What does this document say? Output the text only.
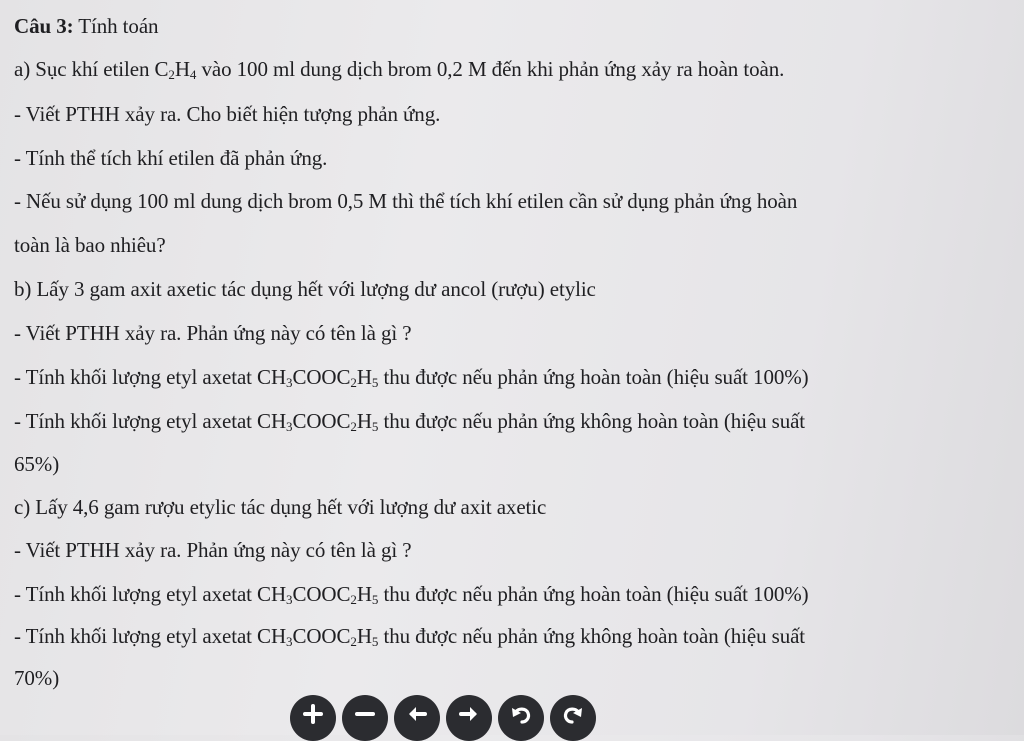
Câu 3: Tính toán
a) Sục khí etilen $C_2H_4$ vào 100 ml dung dịch brom 0,2 M đến khi phản ứng xảy ra hoàn toàn.
- Viết PTHH xảy ra. Cho biết hiện tượng phản ứng.
- Tính thể tích khí etilen đã phản ứng.
- Nếu sử dụng 100 ml dung dịch brom 0,5 M thì thể tích khí etilen cần sử dụng phản ứng hoàn
toàn là bao nhiêu?
b) Lấy 3 gam axit axetic tác dụng hết với lượng dư ancol (rượu) etylic
- Viết PTHH xảy ra. Phản ứng này có tên là gì ?
- Tính khối lượng etyl axetat $CH_3COOC_2H_5$ thu được nếu phản ứng hoàn toàn (hiệu suất 100%)
- Tính khối lượng etyl axetat $CH_3COOC_2H_5$ thu được nếu phản ứng không hoàn toàn (hiệu suất
65%)
c) Lấy 4,6 gam rượu etylic tác dụng hết với lượng dư axit axetic
- Viết PTHH xảy ra. Phản ứng này có tên là gì ?
- Tính khối lượng etyl axetat $CH_3COOC_2H_5$ thu được nếu phản ứng hoàn toàn (hiệu suất 100%)
- Tính khối lượng etyl axetat $CH_3COOC_2H_5$ thu được nếu phản ứng không hoàn toàn (hiệu suất
70%)
